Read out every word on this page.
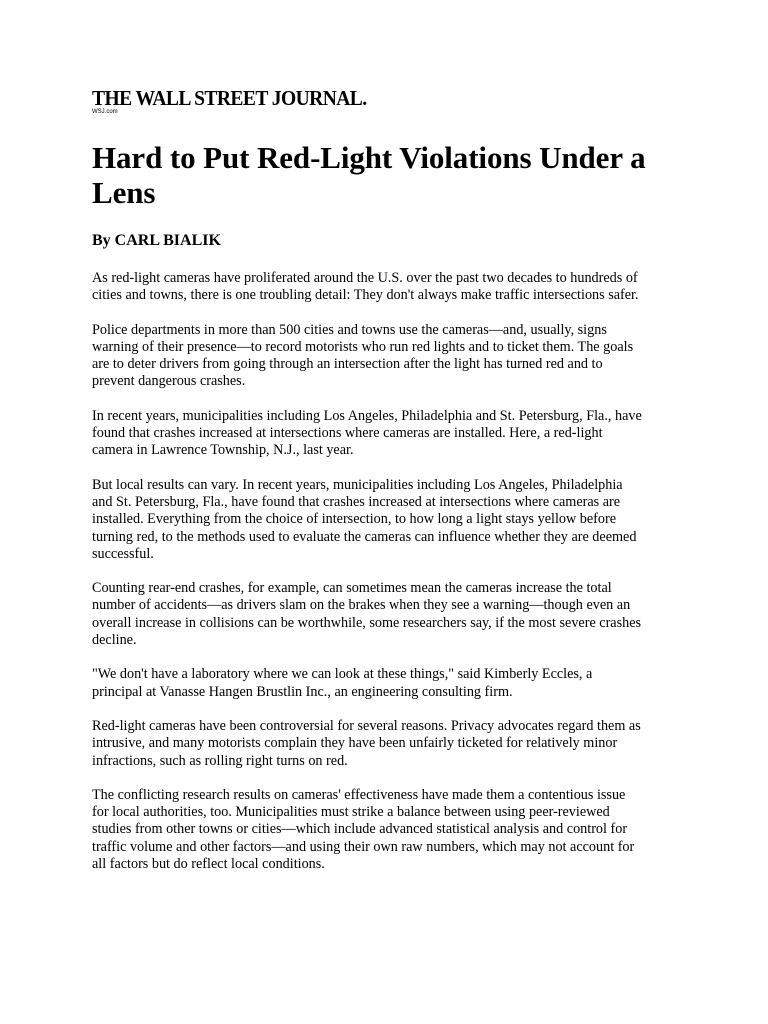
THE WALL STREET JOURNAL.
WSJ.com
Hard to Put Red-Light Violations Under a
Lens
By CARL BIALIK

As red-light cameras have proliferated around the U.S. over the past two decades to hundreds of
cities and towns, there is one troubling detail: They don't always make traffic intersections safer.

Police departments in more than 500 cities and towns use the cameras—and, usually, signs
warning of their presence—to record motorists who run red lights and to ticket them. The goals
are to deter drivers from going through an intersection after the light has turned red and to
prevent dangerous crashes.

In recent years, municipalities including Los Angeles, Philadelphia and St. Petersburg, Fla., have
found that crashes increased at intersections where cameras are installed. Here, a red-light
camera in Lawrence Township, N.J., last year.

But local results can vary. In recent years, municipalities including Los Angeles, Philadelphia
and St. Petersburg, Fla., have found that crashes increased at intersections where cameras are
installed. Everything from the choice of intersection, to how long a light stays yellow before
turning red, to the methods used to evaluate the cameras can influence whether they are deemed
successful.

Counting rear-end crashes, for example, can sometimes mean the cameras increase the total
number of accidents—as drivers slam on the brakes when they see a warning—though even an
overall increase in collisions can be worthwhile, some researchers say, if the most severe crashes
decline.

"We don't have a laboratory where we can look at these things," said Kimberly Eccles, a
principal at Vanasse Hangen Brustlin Inc., an engineering consulting firm.

Red-light cameras have been controversial for several reasons. Privacy advocates regard them as
intrusive, and many motorists complain they have been unfairly ticketed for relatively minor
infractions, such as rolling right turns on red.

The conflicting research results on cameras' effectiveness have made them a contentious issue
for local authorities, too. Municipalities must strike a balance between using peer-reviewed
studies from other towns or cities—which include advanced statistical analysis and control for
traffic volume and other factors—and using their own raw numbers, which may not account for
all factors but do reflect local conditions.
